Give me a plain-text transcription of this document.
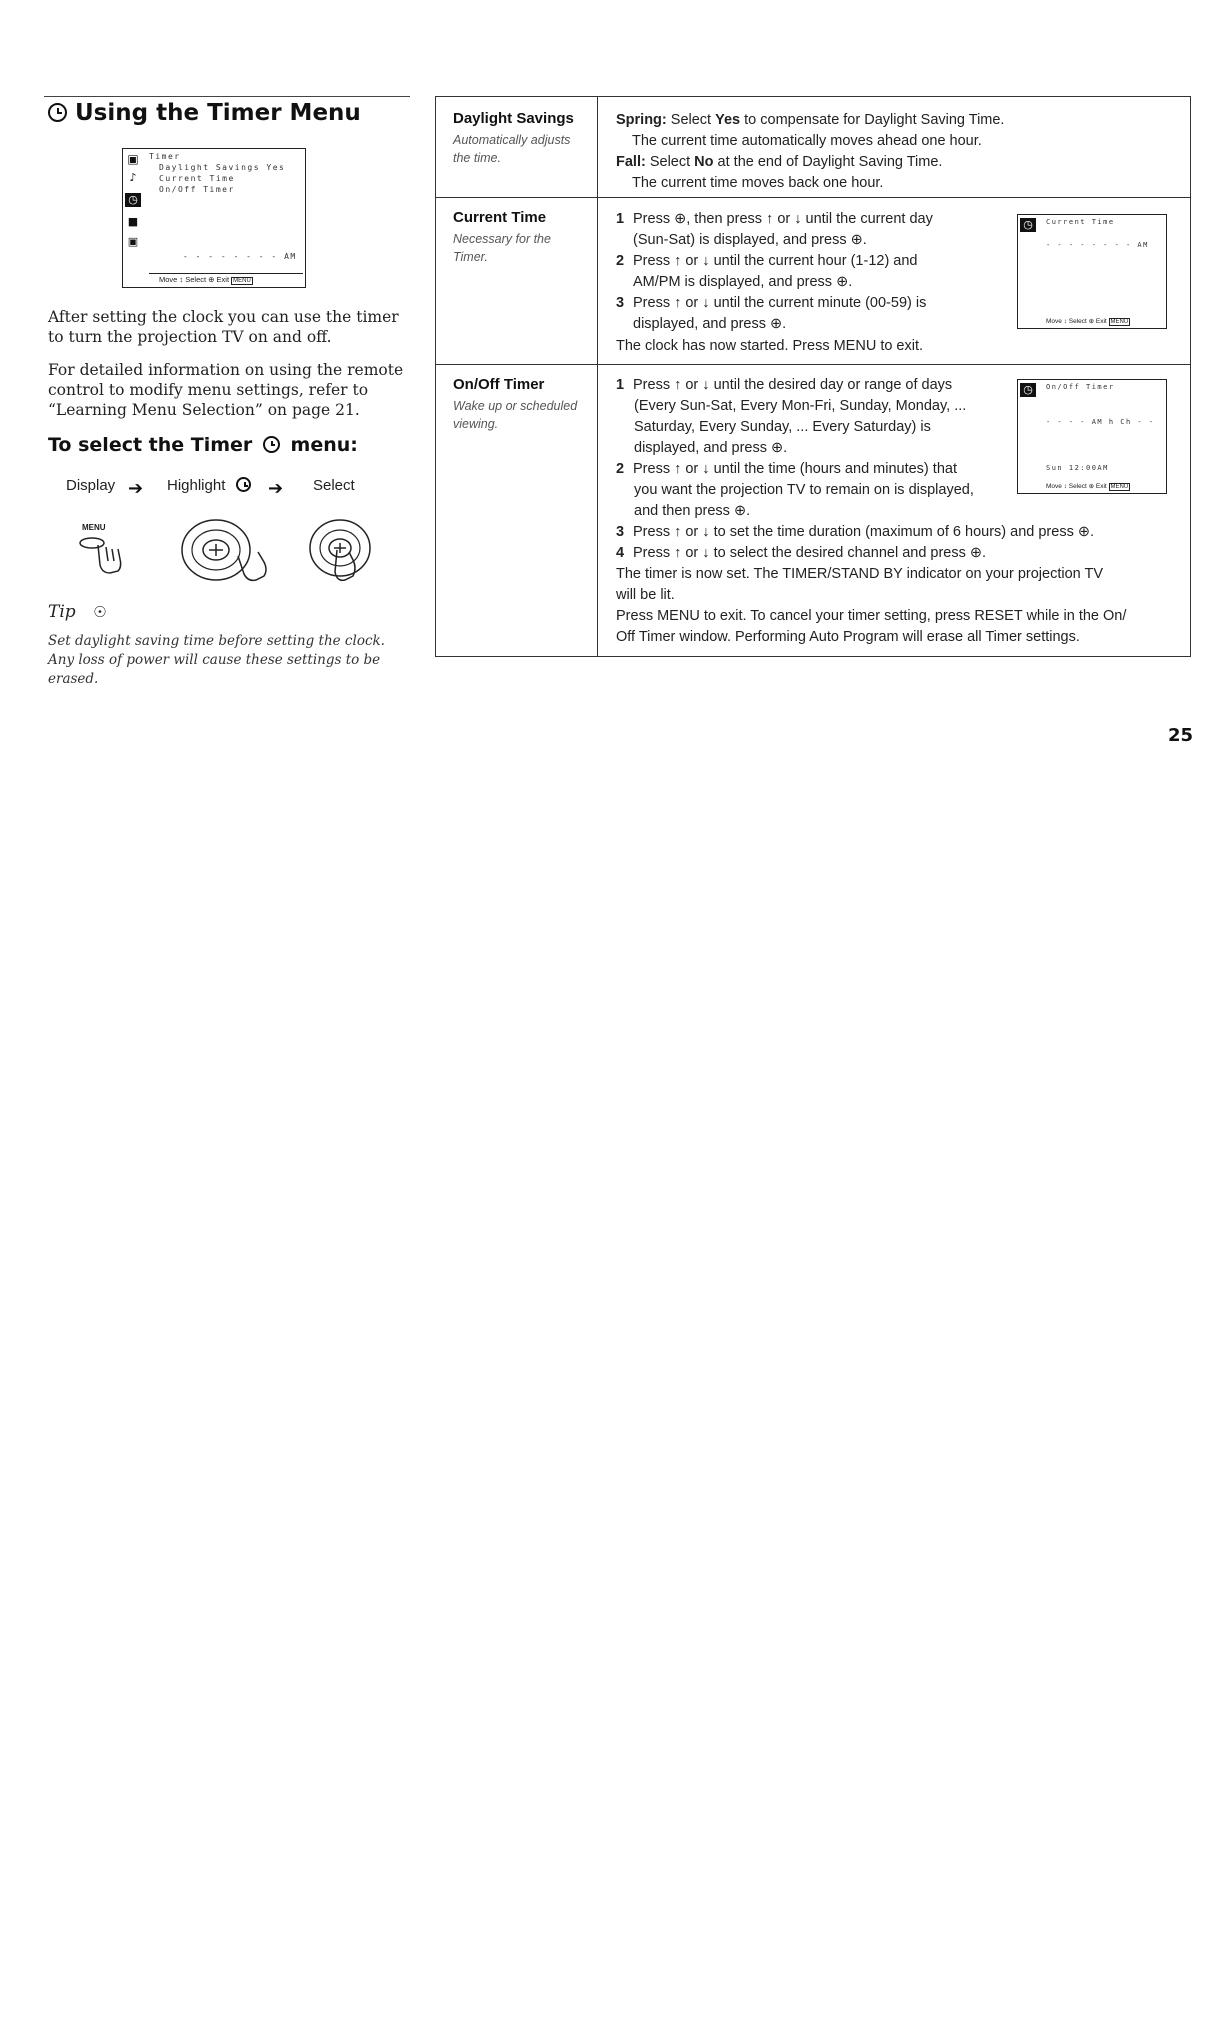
Using the Timer Menu
▣
♪
◷
■
▣
Timer
Daylight Savings Yes
Current Time
On/Off Timer
- - - - - - - - AM
Move ↕ Select ⊕ Exit MENU
After setting the clock you can use the timer to turn the projection TV on and off.
For detailed information on using the remote control to modify menu settings, refer to “Learning Menu Selection” on page 21.
To select the Timer menu:
Display ➔ Highlight	➔ Select
MENU
Tip ☉
Set daylight saving time before setting the clock. Any loss of power will cause these settings to be erased.
Daylight Savings
Automatically adjusts the time.
Spring: Select Yes to compensate for Daylight Saving Time.
The current time automatically moves ahead one hour.
Fall: Select No at the end of Daylight Saving Time.
The current time moves back one hour.
Current Time
Necessary for the Timer.
1 Press ⊕, then press ↑ or ↓ until the current day
(Sun-Sat) is displayed, and press ⊕.
2 Press ↑ or ↓ until the current hour (1-12) and
AM/PM is displayed, and press ⊕.
3 Press ↑ or ↓ until the current minute (00-59) is
displayed, and press ⊕.
The clock has now started. Press MENU to exit.
◷	Current Time
- - - - - - - - AM
Move ↕ Select ⊕ Exit MENU
On/Off Timer
Wake up or scheduled viewing.
1 Press ↑ or ↓ until the desired day or range of days
(Every Sun-Sat, Every Mon-Fri, Sunday, Monday, ...
Saturday, Every Sunday, ... Every Saturday) is
displayed, and press ⊕.
2 Press ↑ or ↓ until the time (hours and minutes) that
you want the projection TV to remain on is displayed,
and then press ⊕.
3 Press ↑ or ↓ to set the time duration (maximum of 6 hours) and press ⊕.
4 Press ↑ or ↓ to select the desired channel and press ⊕.
The timer is now set. The TIMER/STAND BY indicator on your projection TV
will be lit.
Press MENU to exit. To cancel your timer setting, press RESET while in the On/
Off Timer window. Performing Auto Program will erase all Timer settings.
◷	On/Off Timer
- - - - AM h Ch - -
Sun 12:00AM
Move ↕ Select ⊕ Exit MENU
25
